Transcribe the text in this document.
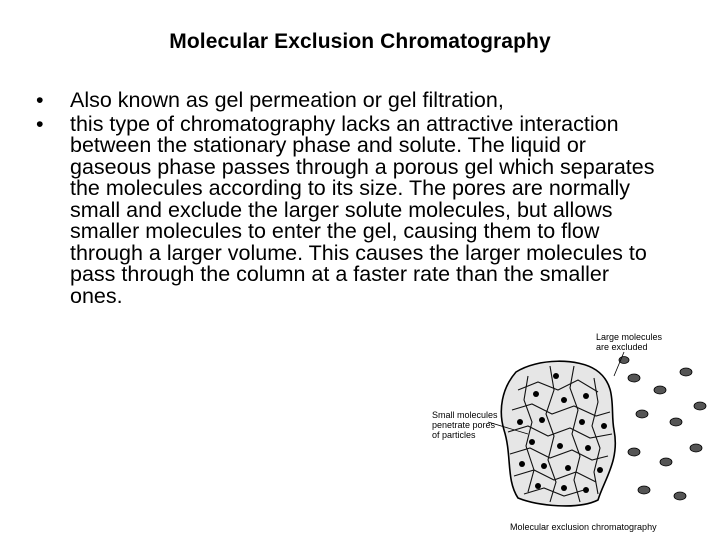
Molecular Exclusion Chromatography
• Also known as gel permeation or gel filtration,
• this type of chromatography lacks an attractive interaction between the stationary phase and solute. The liquid or gaseous phase passes through a porous gel which separates the molecules according to its size. The pores are normally small and exclude the larger solute molecules, but allows smaller molecules to enter the gel, causing them to flow through a larger volume. This causes the larger molecules to pass through the column at a faster rate than the smaller ones.
Large molecules
are excluded
Small molecules
penetrate pores
of particles
Molecular exclusion chromatography
